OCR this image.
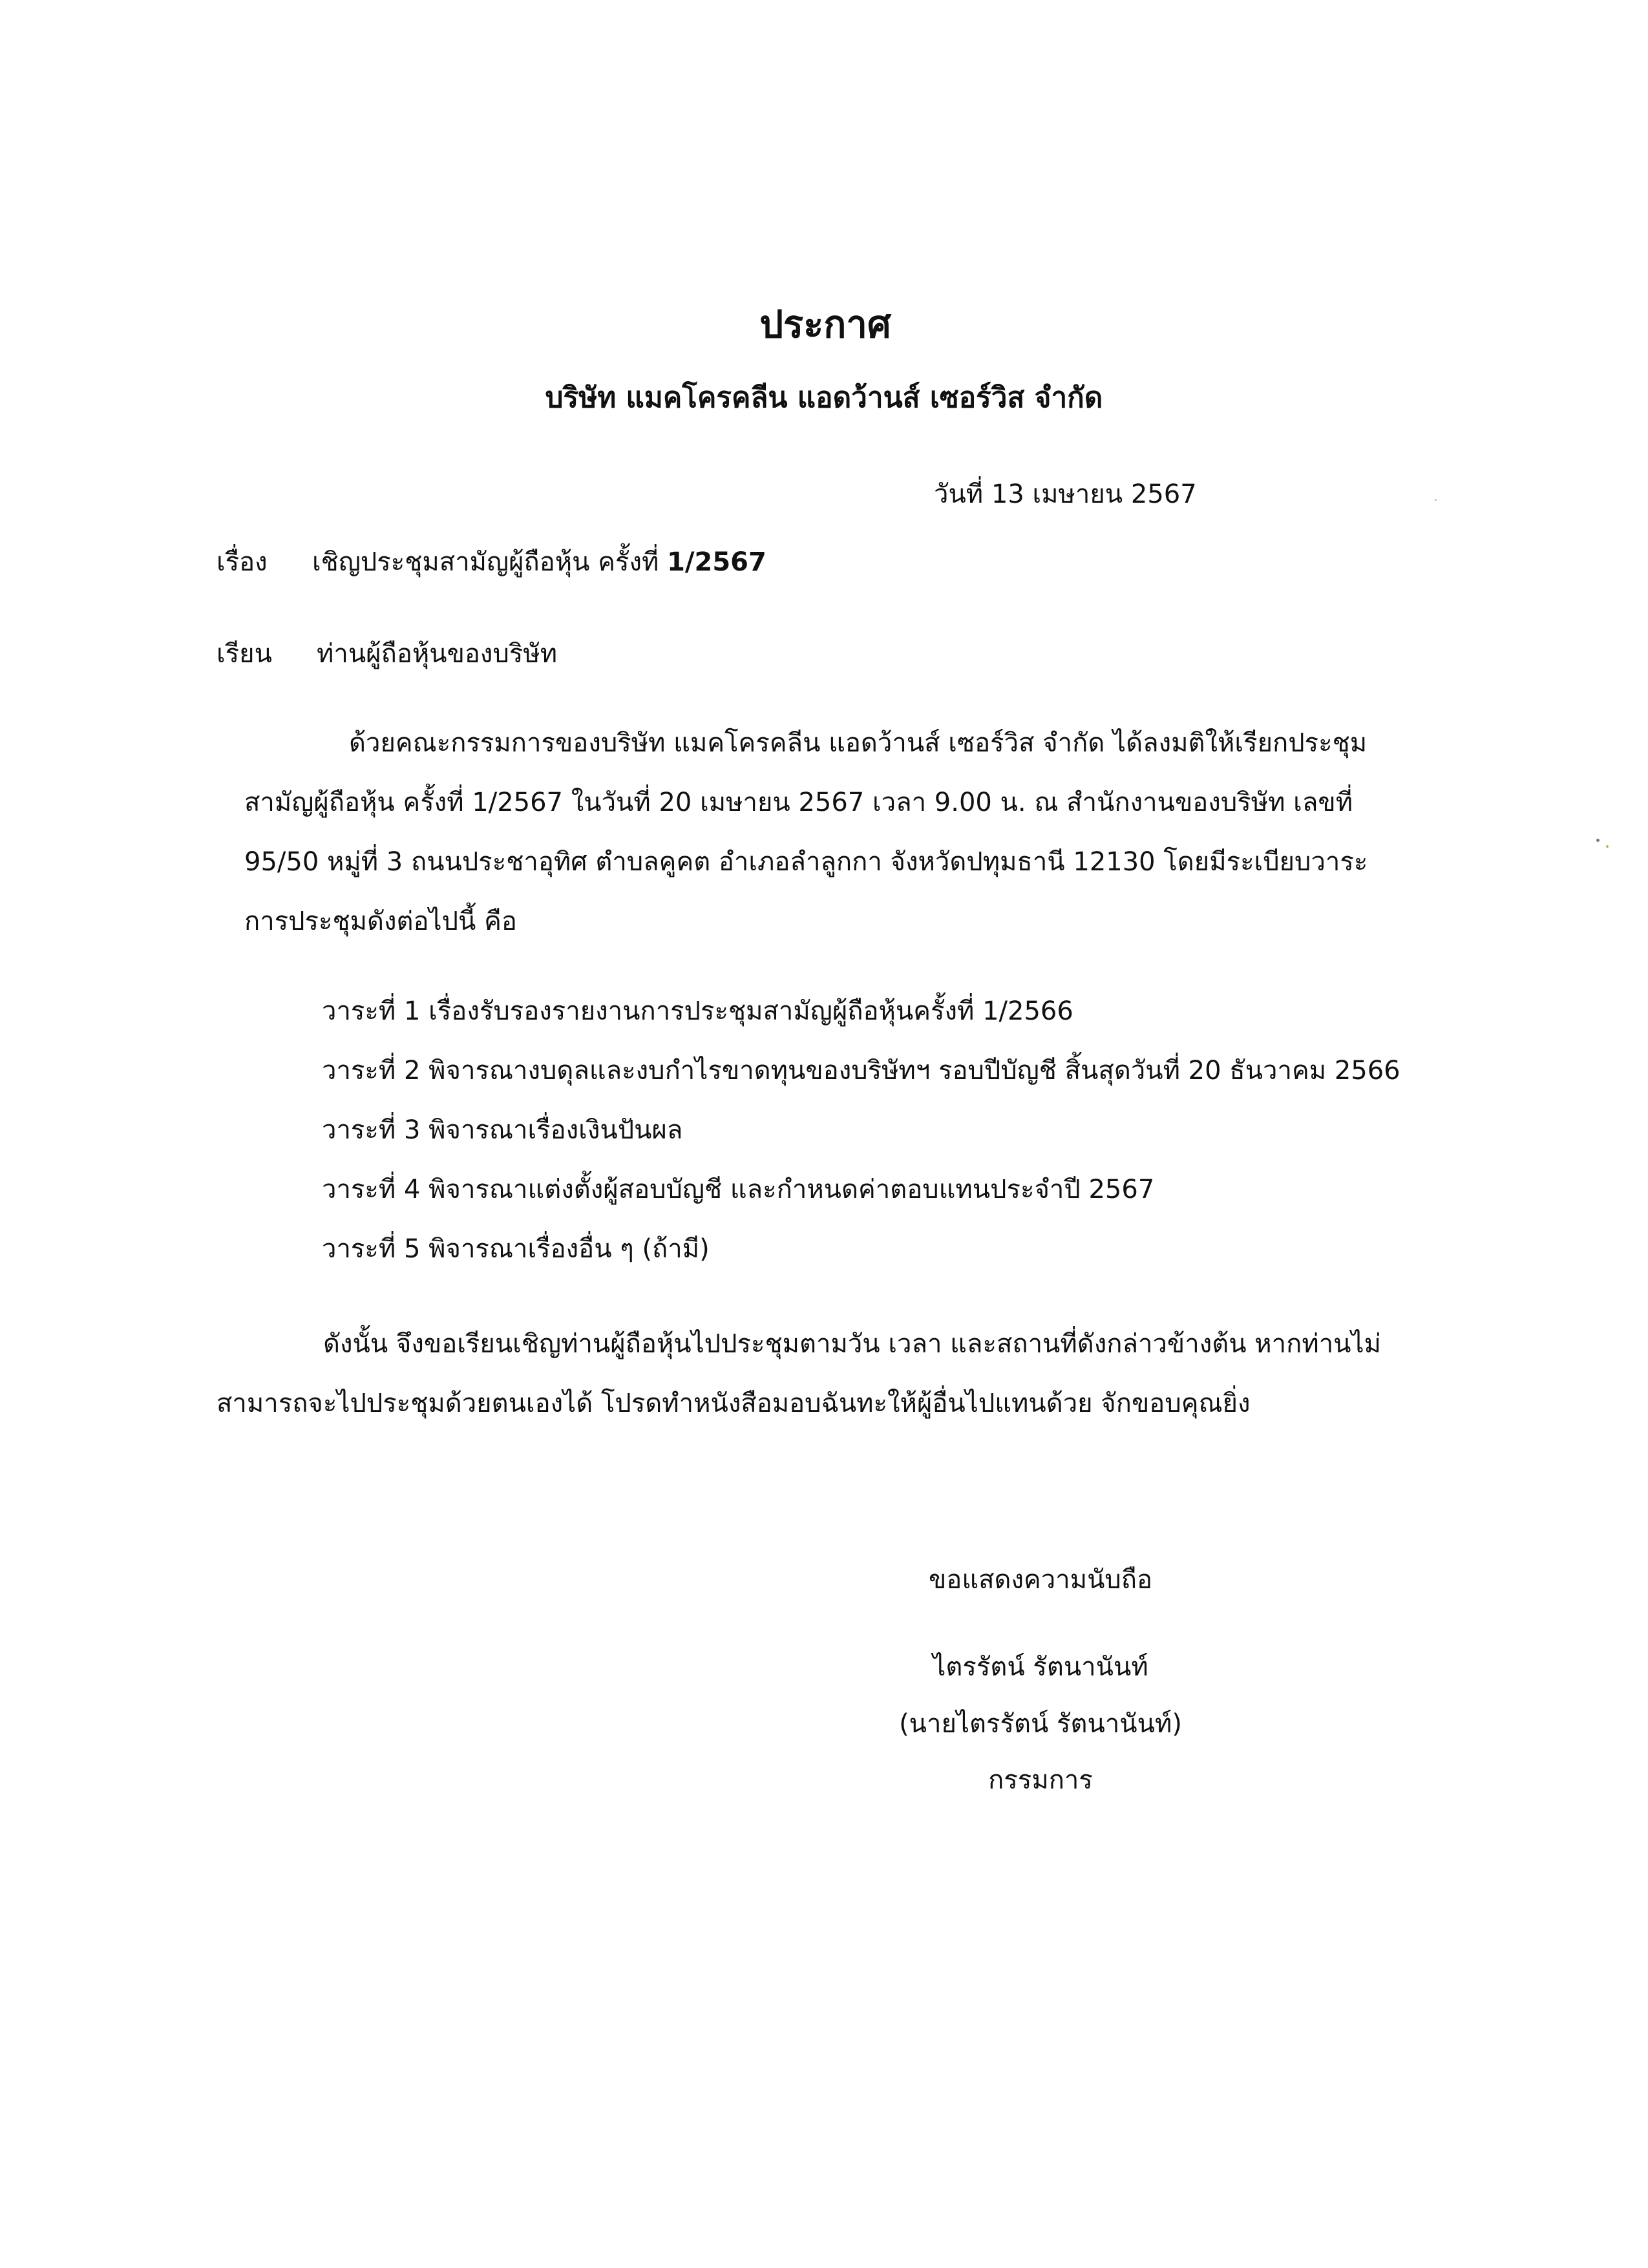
ประกาศ
บริษัท แมคโครคลีน แอดว้านส์ เซอร์วิส จำกัด
วันที่ 13 เมษายน 2567
เรื่อง เชิญประชุมสามัญผู้ถือหุ้น ครั้งที่ 1/2567
เรียน ท่านผู้ถือหุ้นของบริษัท
ด้วยคณะกรรมการของบริษัท แมคโครคลีน แอดว้านส์ เซอร์วิส จำกัด ได้ลงมติให้เรียกประชุม
สามัญผู้ถือหุ้น ครั้งที่ 1/2567 ในวันที่ 20 เมษายน 2567 เวลา 9.00 น. ณ สำนักงานของบริษัท เลขที่
95/50 หมู่ที่ 3 ถนนประชาอุทิศ ตำบลคูคต อำเภอลำลูกกา จังหวัดปทุมธานี 12130 โดยมีระเบียบวาระ
การประชุมดังต่อไปนี้ คือ
วาระที่ 1 เรื่องรับรองรายงานการประชุมสามัญผู้ถือหุ้นครั้งที่ 1/2566
วาระที่ 2 พิจารณางบดุลและงบกำไรขาดทุนของบริษัทฯ รอบปีบัญชี สิ้นสุดวันที่ 20 ธันวาคม 2566
วาระที่ 3 พิจารณาเรื่องเงินปันผล
วาระที่ 4 พิจารณาแต่งตั้งผู้สอบบัญชี และกำหนดค่าตอบแทนประจำปี 2567
วาระที่ 5 พิจารณาเรื่องอื่น ๆ (ถ้ามี)
ดังนั้น จึงขอเรียนเชิญท่านผู้ถือหุ้นไปประชุมตามวัน เวลา และสถานที่ดังกล่าวข้างต้น หากท่านไม่
สามารถจะไปประชุมด้วยตนเองได้ โปรดทำหนังสือมอบฉันทะให้ผู้อื่นไปแทนด้วย จักขอบคุณยิ่ง
ขอแสดงความนับถือ
ไตรรัตน์ รัตนานันท์
(นายไตรรัตน์ รัตนานันท์)
กรรมการ
